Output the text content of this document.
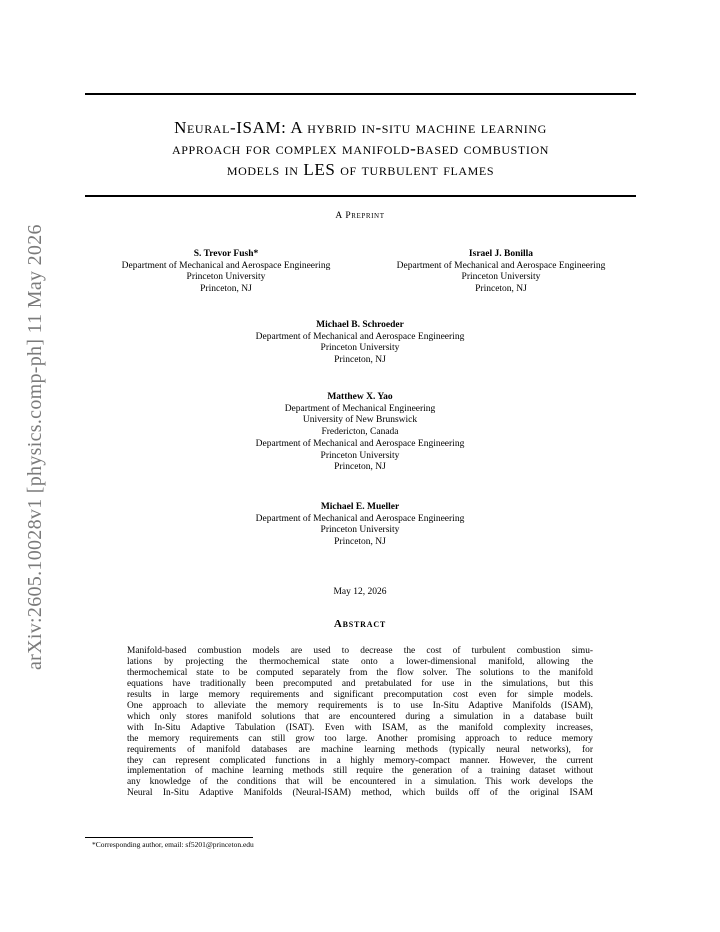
arXiv:2605.10028v1 [physics.comp-ph] 11 May 2026
Neural-ISAM: A hybrid in-situ machine learning
approach for complex manifold-based combustion
models in LES of turbulent flames
A Preprint
S. Trevor Fush*
Department of Mechanical and Aerospace Engineering
Princeton University
Princeton, NJ
Israel J. Bonilla
Department of Mechanical and Aerospace Engineering
Princeton University
Princeton, NJ
Michael B. Schroeder
Department of Mechanical and Aerospace Engineering
Princeton University
Princeton, NJ
Matthew X. Yao
Department of Mechanical Engineering
University of New Brunswick
Fredericton, Canada
Department of Mechanical and Aerospace Engineering
Princeton University
Princeton, NJ
Michael E. Mueller
Department of Mechanical and Aerospace Engineering
Princeton University
Princeton, NJ
May 12, 2026
Abstract
Manifold-based combustion models are used to decrease the cost of turbulent combustion simu-
lations by projecting the thermochemical state onto a lower-dimensional manifold, allowing the
thermochemical state to be computed separately from the flow solver. The solutions to the manifold
equations have traditionally been precomputed and pretabulated for use in the simulations, but this
results in large memory requirements and significant precomputation cost even for simple models.
One approach to alleviate the memory requirements is to use In-Situ Adaptive Manifolds (ISAM),
which only stores manifold solutions that are encountered during a simulation in a database built
with In-Situ Adaptive Tabulation (ISAT). Even with ISAM, as the manifold complexity increases,
the memory requirements can still grow too large. Another promising approach to reduce memory
requirements of manifold databases are machine learning methods (typically neural networks), for
they can represent complicated functions in a highly memory-compact manner. However, the current
implementation of machine learning methods still require the generation of a training dataset without
any knowledge of the conditions that will be encountered in a simulation. This work develops the
Neural In-Situ Adaptive Manifolds (Neural-ISAM) method, which builds off of the original ISAM
*Corresponding author, email: sf5201@princeton.edu
